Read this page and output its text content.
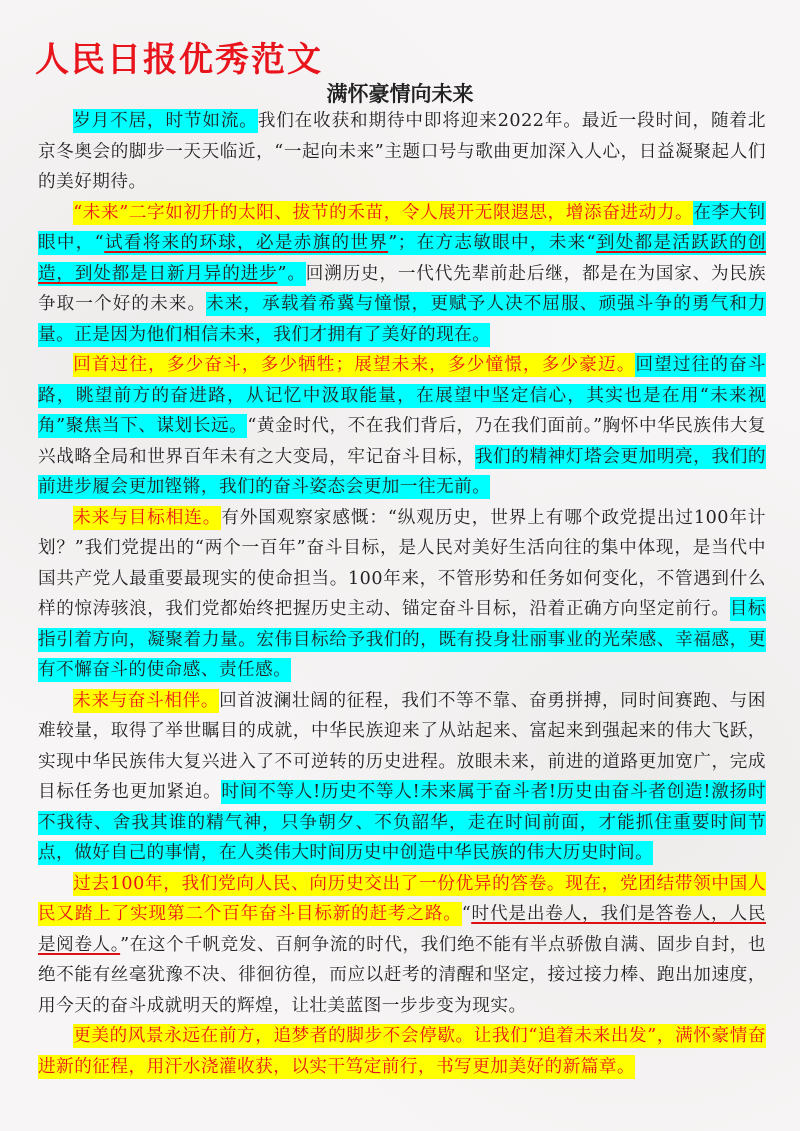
人民日报优秀范文
满怀豪情向未来

岁月不居，时节如流。我们在收获和期待中即将迎来2022年。最近一段时间，随着北京冬奥会的脚步一天天临近，“一起向未来”主题口号与歌曲更加深入人心，日益凝聚起人们的美好期待。

“未来”二字如初升的太阳、拔节的禾苗，令人展开无限遐思，增添奋进动力。在李大钊眼中，“试看将来的环球，必是赤旗的世界”；在方志敏眼中，未来“到处都是活跃跃的创造，到处都是日新月异的进步”。回溯历史，一代代先辈前赴后继，都是在为国家、为民族争取一个好的未来。未来，承载着希冀与憧憬，更赋予人决不屈服、顽强斗争的勇气和力量。正是因为他们相信未来，我们才拥有了美好的现在。

回首过往，多少奋斗，多少牺牲；展望未来，多少憧憬，多少豪迈。回望过往的奋斗路，眺望前方的奋进路，从记忆中汲取能量，在展望中坚定信心，其实也是在用“未来视角”聚焦当下、谋划长远。“黄金时代，不在我们背后，乃在我们面前。”胸怀中华民族伟大复兴战略全局和世界百年未有之大变局，牢记奋斗目标，我们的精神灯塔会更加明亮，我们的前进步履会更加铿锵，我们的奋斗姿态会更加一往无前。

未来与目标相连。有外国观察家感慨：“纵观历史，世界上有哪个政党提出过100年计划？”我们党提出的“两个一百年”奋斗目标，是人民对美好生活向往的集中体现，是当代中国共产党人最重要最现实的使命担当。100年来，不管形势和任务如何变化，不管遇到什么样的惊涛骇浪，我们党都始终把握历史主动、锚定奋斗目标，沿着正确方向坚定前行。目标指引着方向，凝聚着力量。宏伟目标给予我们的，既有投身壮丽事业的光荣感、幸福感，更有不懈奋斗的使命感、责任感。

未来与奋斗相伴。回首波澜壮阔的征程，我们不等不靠、奋勇拼搏，同时间赛跑、与困难较量，取得了举世瞩目的成就，中华民族迎来了从站起来、富起来到强起来的伟大飞跃，实现中华民族伟大复兴进入了不可逆转的历史进程。放眼未来，前进的道路更加宽广，完成目标任务也更加紧迫。时间不等人!历史不等人!未来属于奋斗者!历史由奋斗者创造!激扬时不我待、舍我其谁的精气神，只争朝夕、不负韶华，走在时间前面，才能抓住重要时间节点，做好自己的事情，在人类伟大时间历史中创造中华民族的伟大历史时间。

过去100年，我们党向人民、向历史交出了一份优异的答卷。现在，党团结带领中国人民又踏上了实现第二个百年奋斗目标新的赶考之路。“时代是出卷人，我们是答卷人，人民是阅卷人。”在这个千帆竞发、百舸争流的时代，我们绝不能有半点骄傲自满、固步自封，也绝不能有丝毫犹豫不决、徘徊彷徨，而应以赶考的清醒和坚定，接过接力棒、跑出加速度，用今天的奋斗成就明天的辉煌，让壮美蓝图一步步变为现实。

更美的风景永远在前方，追梦者的脚步不会停歇。让我们“追着未来出发”，满怀豪情奋进新的征程，用汗水浇灌收获，以实干笃定前行，书写更加美好的新篇章。
